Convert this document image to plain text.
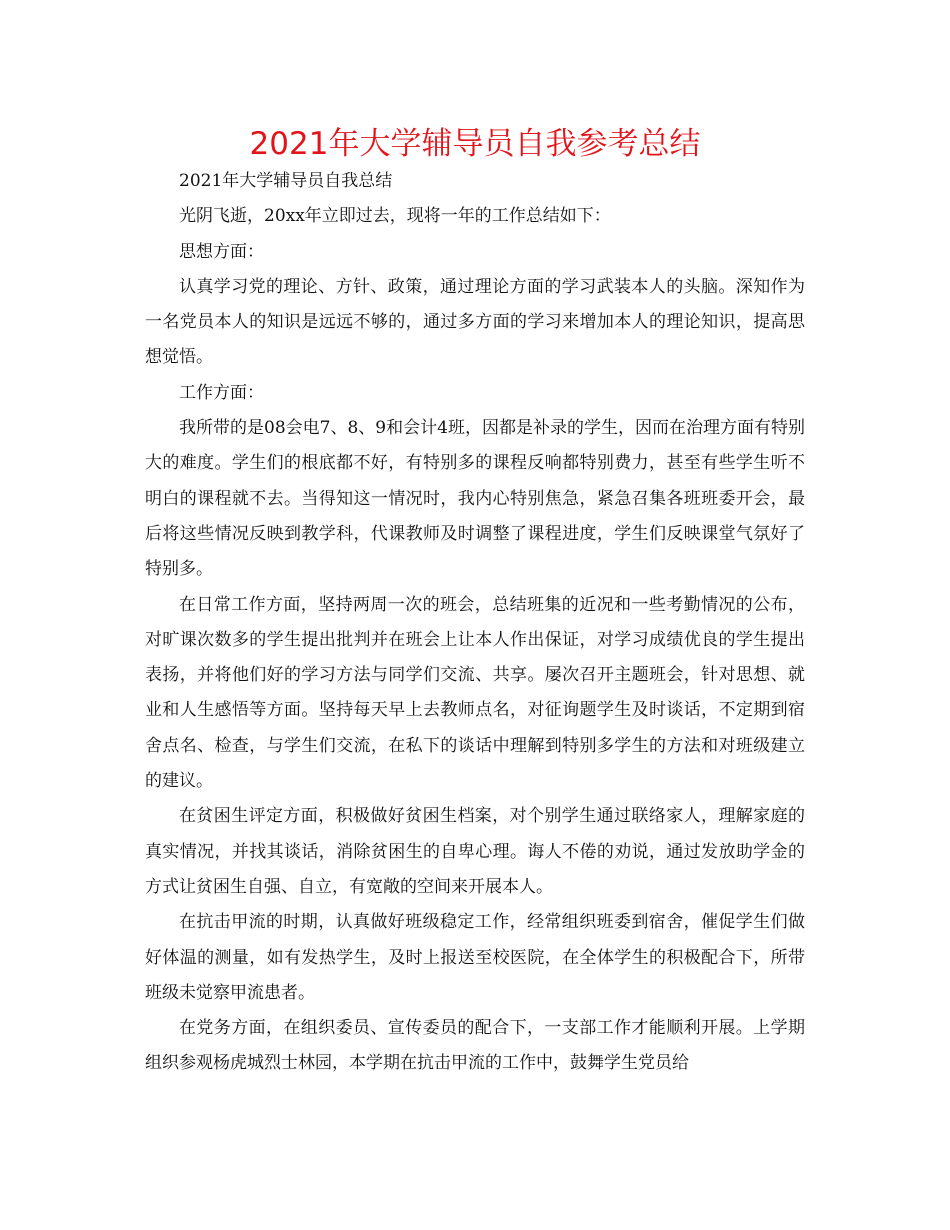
2021年大学辅导员自我参考总结

2021年大学辅导员自我总结

光阴飞逝，20xx年立即过去，现将一年的工作总结如下：

思想方面：

认真学习党的理论、方针、政策，通过理论方面的学习武装本人的头脑。深知作为一名党员本人的知识是远远不够的，通过多方面的学习来增加本人的理论知识，提高思想觉悟。

工作方面：

我所带的是08会电7、8、9和会计4班，因都是补录的学生，因而在治理方面有特别大的难度。学生们的根底都不好，有特别多的课程反响都特别费力，甚至有些学生听不明白的课程就不去。当得知这一情况时，我内心特别焦急，紧急召集各班班委开会，最后将这些情况反映到教学科，代课教师及时调整了课程进度，学生们反映课堂气氛好了特别多。

在日常工作方面，坚持两周一次的班会，总结班集的近况和一些考勤情况的公布，对旷课次数多的学生提出批判并在班会上让本人作出保证，对学习成绩优良的学生提出表扬，并将他们好的学习方法与同学们交流、共享。屡次召开主题班会，针对思想、就业和人生感悟等方面。坚持每天早上去教师点名，对征询题学生及时谈话，不定期到宿舍点名、检查，与学生们交流，在私下的谈话中理解到特别多学生的方法和对班级建立的建议。

在贫困生评定方面，积极做好贫困生档案，对个别学生通过联络家人，理解家庭的真实情况，并找其谈话，消除贫困生的自卑心理。诲人不倦的劝说，通过发放助学金的方式让贫困生自强、自立，有宽敞的空间来开展本人。

在抗击甲流的时期，认真做好班级稳定工作，经常组织班委到宿舍，催促学生们做好体温的测量，如有发热学生，及时上报送至校医院，在全体学生的积极配合下，所带班级未觉察甲流患者。

在党务方面，在组织委员、宣传委员的配合下，一支部工作才能顺利开展。上学期组织参观杨虎城烈士林园，本学期在抗击甲流的工作中，鼓舞学生党员给
